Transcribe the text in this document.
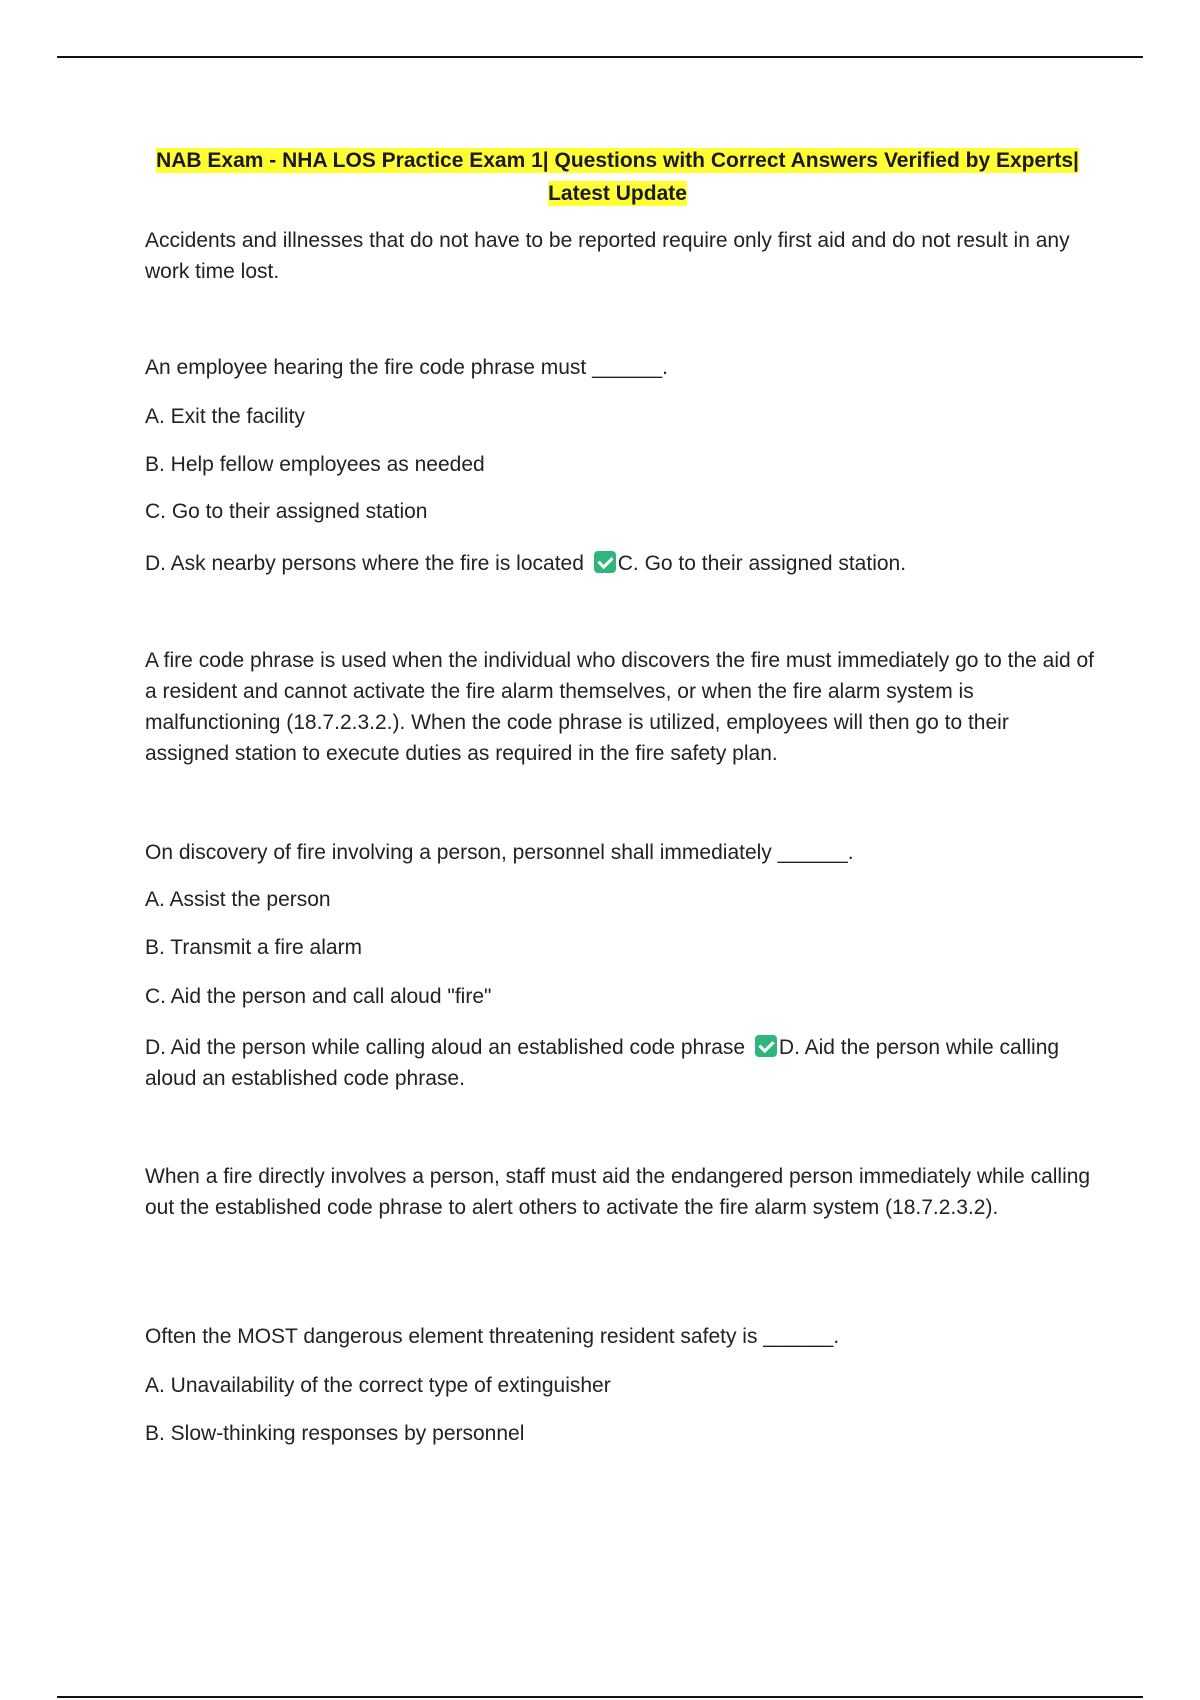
NAB Exam - NHA LOS Practice Exam 1| Questions with Correct Answers Verified by Experts|
Latest Update

Accidents and illnesses that do not have to be reported require only first aid and do not result in any work time lost.

An employee hearing the fire code phrase must ______.

A. Exit the facility

B. Help fellow employees as needed

C. Go to their assigned station

D. Ask nearby persons where the fire is located C. Go to their assigned station.

A fire code phrase is used when the individual who discovers the fire must immediately go to the aid of a resident and cannot activate the fire alarm themselves, or when the fire alarm system is malfunctioning (18.7.2.3.2.). When the code phrase is utilized, employees will then go to their assigned station to execute duties as required in the fire safety plan.

On discovery of fire involving a person, personnel shall immediately ______.

A. Assist the person

B. Transmit a fire alarm

C. Aid the person and call aloud "fire"

D. Aid the person while calling aloud an established code phrase D. Aid the person while calling aloud an established code phrase.

When a fire directly involves a person, staff must aid the endangered person immediately while calling out the established code phrase to alert others to activate the fire alarm system (18.7.2.3.2).

Often the MOST dangerous element threatening resident safety is ______.

A. Unavailability of the correct type of extinguisher

B. Slow-thinking responses by personnel
